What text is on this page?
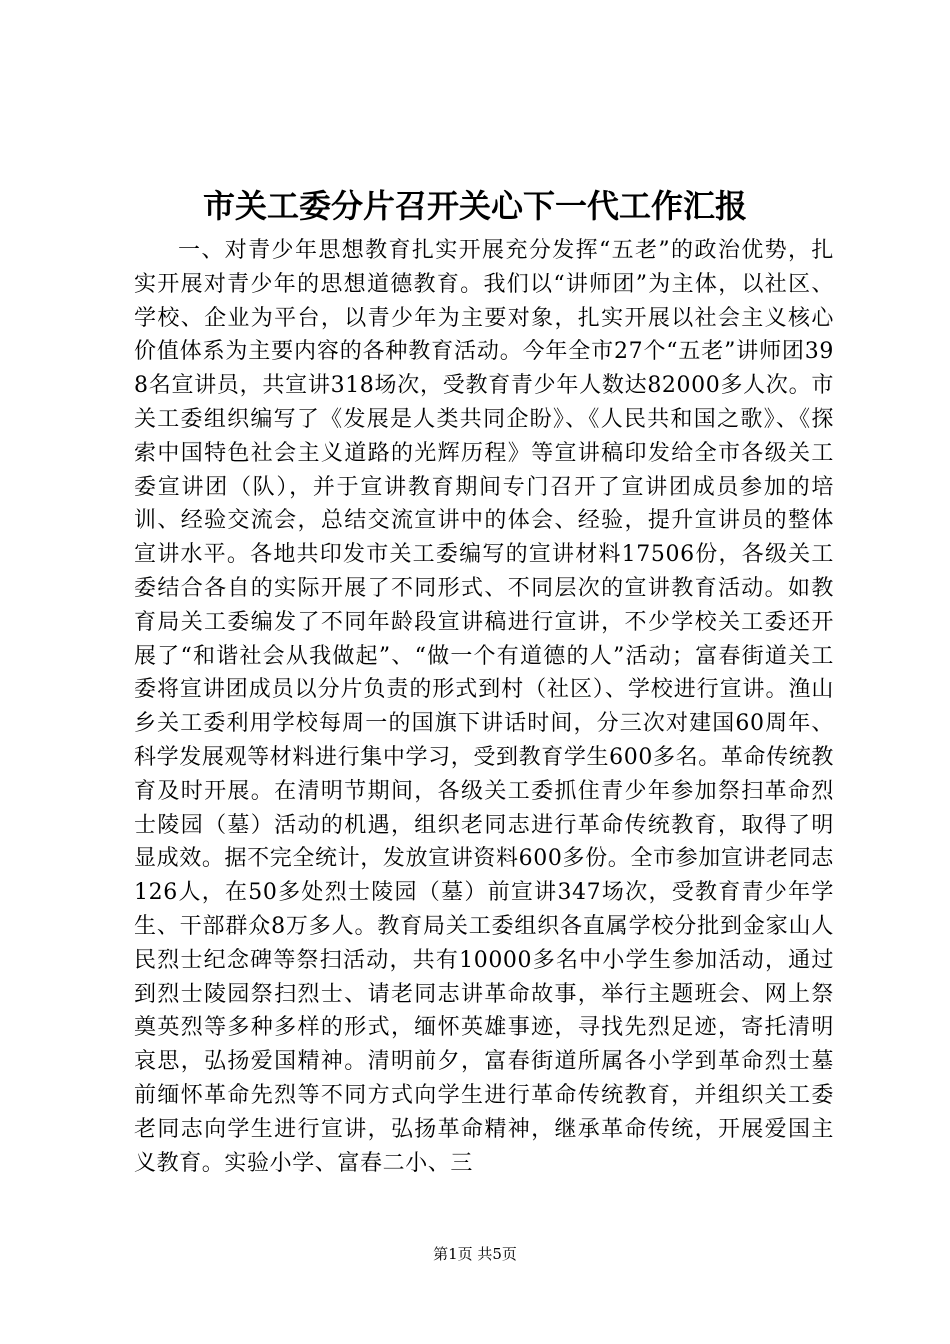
市关工委分片召开关心下一代工作汇报

一、对青少年思想教育扎实开展充分发挥“五老”的政治优势，扎实开展对青少年的思想道德教育。我们以“讲师团”为主体，以社区、学校、企业为平台，以青少年为主要对象，扎实开展以社会主义核心价值体系为主要内容的各种教育活动。今年全市27个“五老”讲师团398名宣讲员，共宣讲318场次，受教育青少年人数达82000多人次。市关工委组织编写了《发展是人类共同企盼》、《人民共和国之歌》、《探索中国特色社会主义道路的光辉历程》等宣讲稿印发给全市各级关工委宣讲团（队），并于宣讲教育期间专门召开了宣讲团成员参加的培训、经验交流会，总结交流宣讲中的体会、经验，提升宣讲员的整体宣讲水平。各地共印发市关工委编写的宣讲材料17506份，各级关工委结合各自的实际开展了不同形式、不同层次的宣讲教育活动。如教育局关工委编发了不同年龄段宣讲稿进行宣讲，不少学校关工委还开展了“和谐社会从我做起”、“做一个有道德的人”活动；富春街道关工委将宣讲团成员以分片负责的形式到村（社区）、学校进行宣讲。渔山乡关工委利用学校每周一的国旗下讲话时间，分三次对建国60周年、科学发展观等材料进行集中学习，受到教育学生600多名。革命传统教育及时开展。在清明节期间，各级关工委抓住青少年参加祭扫革命烈士陵园（墓）活动的机遇，组织老同志进行革命传统教育，取得了明显成效。据不完全统计，发放宣讲资料600多份。全市参加宣讲老同志126人，在50多处烈士陵园（墓）前宣讲347场次，受教育青少年学生、干部群众8万多人。教育局关工委组织各直属学校分批到金家山人民烈士纪念碑等祭扫活动，共有10000多名中小学生参加活动，通过到烈士陵园祭扫烈士、请老同志讲革命故事，举行主题班会、网上祭奠英烈等多种多样的形式，缅怀英雄事迹，寻找先烈足迹，寄托清明哀思，弘扬爱国精神。清明前夕，富春街道所属各小学到革命烈士墓前缅怀革命先烈等不同方式向学生进行革命传统教育，并组织关工委老同志向学生进行宣讲，弘扬革命精神，继承革命传统，开展爱国主义教育。实验小学、富春二小、三

第1页 共5页
